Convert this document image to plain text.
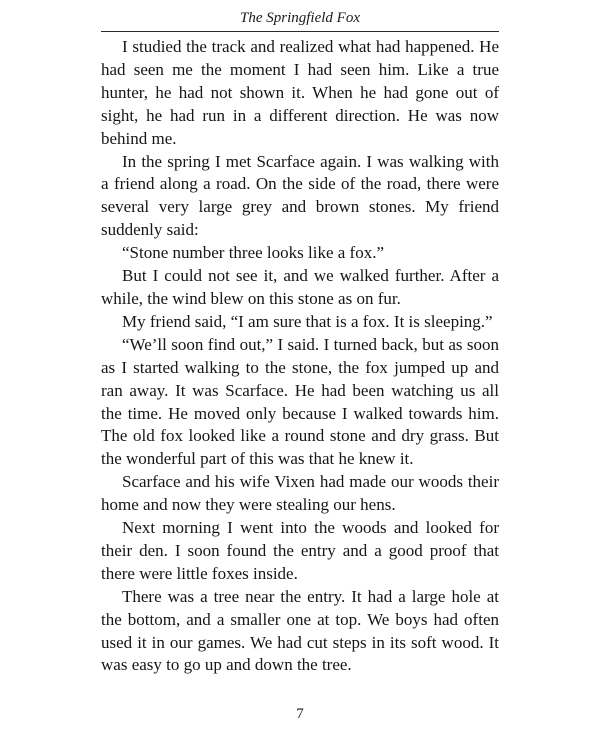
The Springfield Fox

I studied the track and realized what had happened. He had seen me the moment I had seen him. Like a true hunter, he had not shown it. When he had gone out of sight, he had run in a different direction. He was now behind me.

In the spring I met Scarface again. I was walking with a friend along a road. On the side of the road, there were several very large grey and brown stones. My friend suddenly said:

“Stone number three looks like a fox.”

But I could not see it, and we walked further. After a while, the wind blew on this stone as on fur.

My friend said, “I am sure that is a fox. It is sleeping.”

“We’ll soon find out,” I said. I turned back, but as soon as I started walking to the stone, the fox jumped up and ran away. It was Scarface. He had been watching us all the time. He moved only because I walked towards him. The old fox looked like a round stone and dry grass. But the wonderful part of this was that he knew it.

Scarface and his wife Vixen had made our woods their home and now they were stealing our hens.

Next morning I went into the woods and looked for their den. I soon found the entry and a good proof that there were little foxes inside.

There was a tree near the entry. It had a large hole at the bottom, and a smaller one at top. We boys had often used it in our games. We had cut steps in its soft wood. It was easy to go up and down the tree.

7
